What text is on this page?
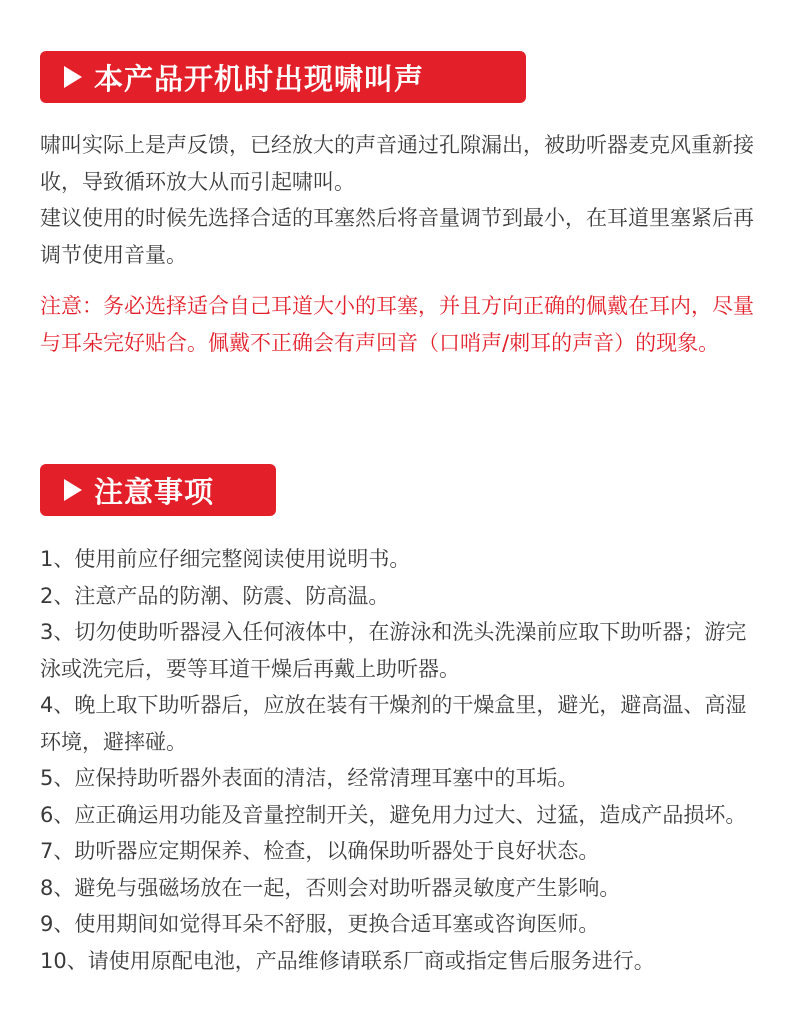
本产品开机时出现啸叫声

啸叫实际上是声反馈，已经放大的声音通过孔隙漏出，被助听器麦克风重新接收，导致循环放大从而引起啸叫。

建议使用的时候先选择合适的耳塞然后将音量调节到最小，在耳道里塞紧后再调节使用音量。

注意：务必选择适合自己耳道大小的耳塞，并且方向正确的佩戴在耳内，尽量与耳朵完好贴合。佩戴不正确会有声回音（口哨声/刺耳的声音）的现象。

注意事项
1、使用前应仔细完整阅读使用说明书。
2、注意产品的防潮、防震、防高温。
3、切勿使助听器浸入任何液体中，在游泳和洗头洗澡前应取下助听器；游完泳或洗完后，要等耳道干燥后再戴上助听器。
4、晚上取下助听器后，应放在装有干燥剂的干燥盒里，避光，避高温、高湿环境，避摔碰。
5、应保持助听器外表面的清洁，经常清理耳塞中的耳垢。
6、应正确运用功能及音量控制开关，避免用力过大、过猛，造成产品损坏。
7、助听器应定期保养、检查，以确保助听器处于良好状态。
8、避免与强磁场放在一起，否则会对助听器灵敏度产生影响。
9、使用期间如觉得耳朵不舒服，更换合适耳塞或咨询医师。
10、请使用原配电池，产品维修请联系厂商或指定售后服务进行。
